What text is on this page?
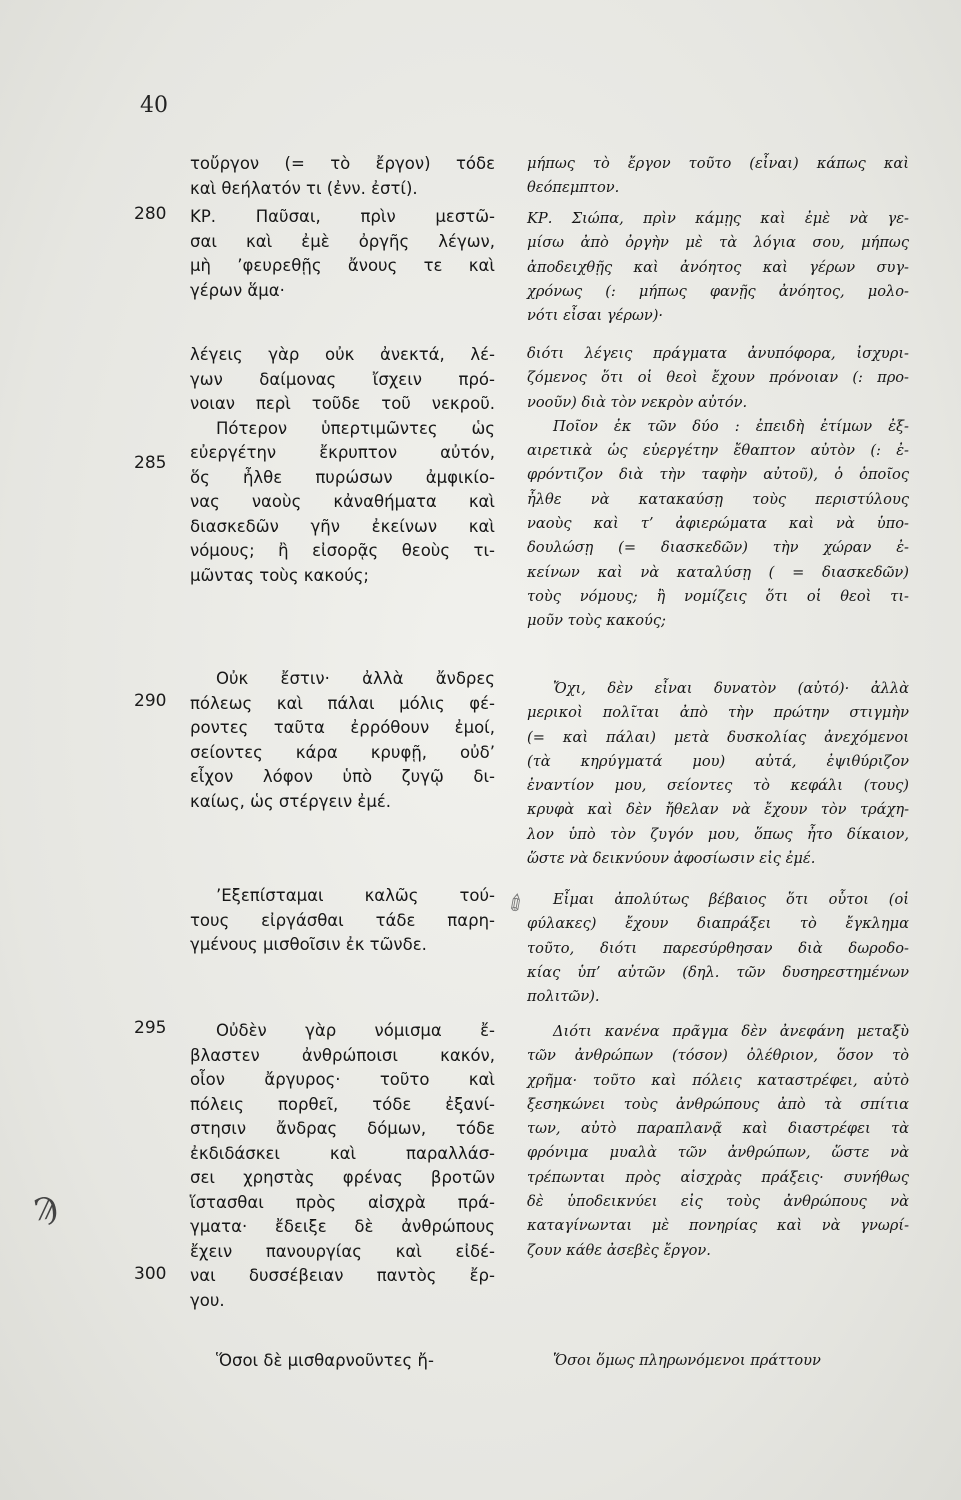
40
280
285
290
295
300
Ϡ
✐
τοὔργον (= τὸ ἔργον) τόδε
καὶ θεήλατόν τι (ἐνν. ἐστί).
ΚΡ. Παῦσαι, πρὶν μεστῶ-
σαι καὶ ἐμὲ ὀργῆς λέγων,
μὴ ’φευρεθῇς ἄνους τε καὶ
γέρων ἅμα·
λέγεις γὰρ οὐκ ἀνεκτά, λέ-
γων δαίμονας ἴσχειν πρό-
νοιαν περὶ τοῦδε τοῦ νεκροῦ.
Πότερον ὑπερτιμῶντες ὡς
εὐεργέτην ἔκρυπτον αὐτόν,
ὅς ἦλθε πυρώσων ἀμφικίο-
νας ναοὺς κἀναθήματα καὶ
διασκεδῶν γῆν ἐκείνων καὶ
νόμους; ἢ εἰσορᾷς θεοὺς τι-
μῶντας τοὺς κακούς;
Οὐκ ἔστιν· ἀλλὰ ἄνδρες
πόλεως καὶ πάλαι μόλις φέ-
ροντες ταῦτα ἐρρόθουν ἐμοί,
σείοντες κάρα κρυφῇ, οὐδ’
εἶχον λόφον ὑπὸ ζυγῷ δι-
καίως, ὡς στέργειν ἐμέ.
’Εξεπίσταμαι καλῶς τού-
τους εἰργάσθαι τάδε παρη-
γμένους μισθοῖσιν ἐκ τῶνδε.
Οὐδὲν γὰρ νόμισμα ἔ-
βλαστεν ἀνθρώποισι κακόν,
οἷον ἄργυρος· τοῦτο καὶ
πόλεις πορθεῖ, τόδε ἐξανί-
στησιν ἄνδρας δόμων, τόδε
ἐκδιδάσκει καὶ παραλλάσ-
σει χρηστὰς φρένας βροτῶν
ἵστασθαι πρὸς αἰσχρὰ πρά-
γματα· ἔδειξε δὲ ἀνθρώπους
ἔχειν πανουργίας καὶ εἰδέ-
ναι δυσσέβειαν παντὸς ἔρ-
γου.
Ὅσοι δὲ μισθαρνοῦντες ἤ-
μήπως τὸ ἔργον τοῦτο (εἶναι) κάπως καὶ
θεόπεμπτον.
ΚΡ. Σιώπα, πρὶν κάμῃς καὶ ἐμὲ νὰ γε-
μίσω ἀπὸ ὀργὴν μὲ τὰ λόγια σου, μήπως
ἀποδειχθῇς καὶ ἀνόητος καὶ γέρων συγ-
χρόνως (: μήπως φανῇς ἀνόητος, μολο-
νότι εἶσαι γέρων)·
διότι λέγεις πράγματα ἀνυπόφορα, ἰσχυρι-
ζόμενος ὅτι οἱ θεοὶ ἔχουν πρόνοιαν (: προ-
νοοῦν) διὰ τὸν νεκρὸν αὐτόν.
Ποῖον ἐκ τῶν δύο : ἐπειδὴ ἐτίμων ἐξ-
αιρετικὰ ὡς εὐεργέτην ἔθαπτον αὐτὸν (: ἐ-
φρόντιζον διὰ τὴν ταφὴν αὐτοῦ), ὁ ὁποῖος
ἦλθε νὰ κατακαύσῃ τοὺς περιστύλους
ναοὺς καὶ τ’ ἀφιερώματα καὶ νὰ ὑπο-
δουλώσῃ (= διασκεδῶν) τὴν χώραν ἐ-
κείνων καὶ νὰ καταλύσῃ ( = διασκεδῶν)
τοὺς νόμους; ἢ νομίζεις ὅτι οἱ θεοὶ τι-
μοῦν τοὺς κακούς;
Ὄχι, δὲν εἶναι δυνατὸν (αὐτό)· ἀλλὰ
μερικοὶ πολῖται ἀπὸ τὴν πρώτην στιγμὴν
(= καὶ πάλαι) μετὰ δυσκολίας ἀνεχόμενοι
(τὰ κηρύγματά μου) αὐτά, ἐψιθύριζον
ἐναντίον μου, σείοντες τὸ κεφάλι (τους)
κρυφὰ καὶ δὲν ἤθελαν νὰ ἔχουν τὸν τράχη-
λον ὑπὸ τὸν ζυγόν μου, ὅπως ἦτο δίκαιον,
ὥστε νὰ δεικνύουν ἀφοσίωσιν εἰς ἐμέ.
Εἶμαι ἀπολύτως βέβαιος ὅτι οὗτοι (οἱ
φύλακες) ἔχουν διαπράξει τὸ ἔγκλημα
τοῦτο, διότι παρεσύρθησαν διὰ δωροδο-
κίας ὑπ’ αὐτῶν (δηλ. τῶν δυσηρεστημένων
πολιτῶν).
Διότι κανένα πρᾶγμα δὲν ἀνεφάνη μεταξὺ
τῶν ἀνθρώπων (τόσον) ὀλέθριον, ὅσον τὸ
χρῆμα· τοῦτο καὶ πόλεις καταστρέφει, αὐτὸ
ξεσηκώνει τοὺς ἀνθρώπους ἀπὸ τὰ σπίτια
των, αὐτὸ παραπλανᾷ καὶ διαστρέφει τὰ
φρόνιμα μυαλὰ τῶν ἀνθρώπων, ὥστε νὰ
τρέπωνται πρὸς αἰσχρὰς πράξεις· συνήθως
δὲ ὑποδεικνύει εἰς τοὺς ἀνθρώπους νὰ
καταγίνωνται μὲ πονηρίας καὶ νὰ γνωρί-
ζουν κάθε ἀσεβὲς ἔργον.
Ὅσοι ὅμως πληρωνόμενοι πράττουν
